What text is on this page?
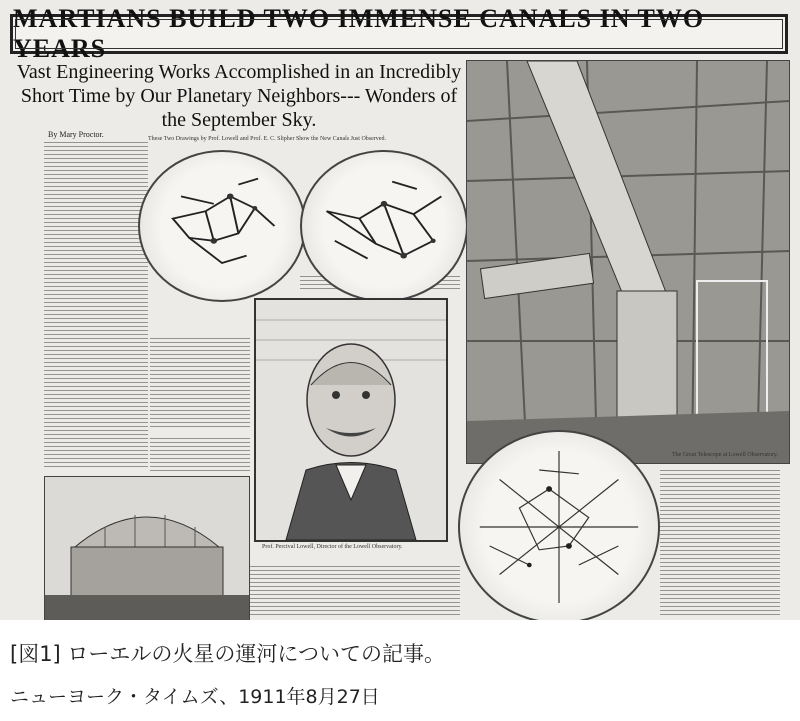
MARTIANS BUILD TWO IMMENSE CANALS IN TWO YEARS
Vast Engineering Works Accomplished in an Incredibly Short Time by Our Planetary Neighbors--- Wonders of the September Sky.
By Mary Proctor.	These Two Drawings by Prof. Lowell and Prof. E. C. Slipher Show the New Canals Just Observed.
The Great Telescope at Lowell Observatory.
Prof. Percival Lowell, Director of the Lowell Observatory.
[図1] ローエルの火星の運河についての記事。
ニューヨーク・タイムズ、1911年8月27日
